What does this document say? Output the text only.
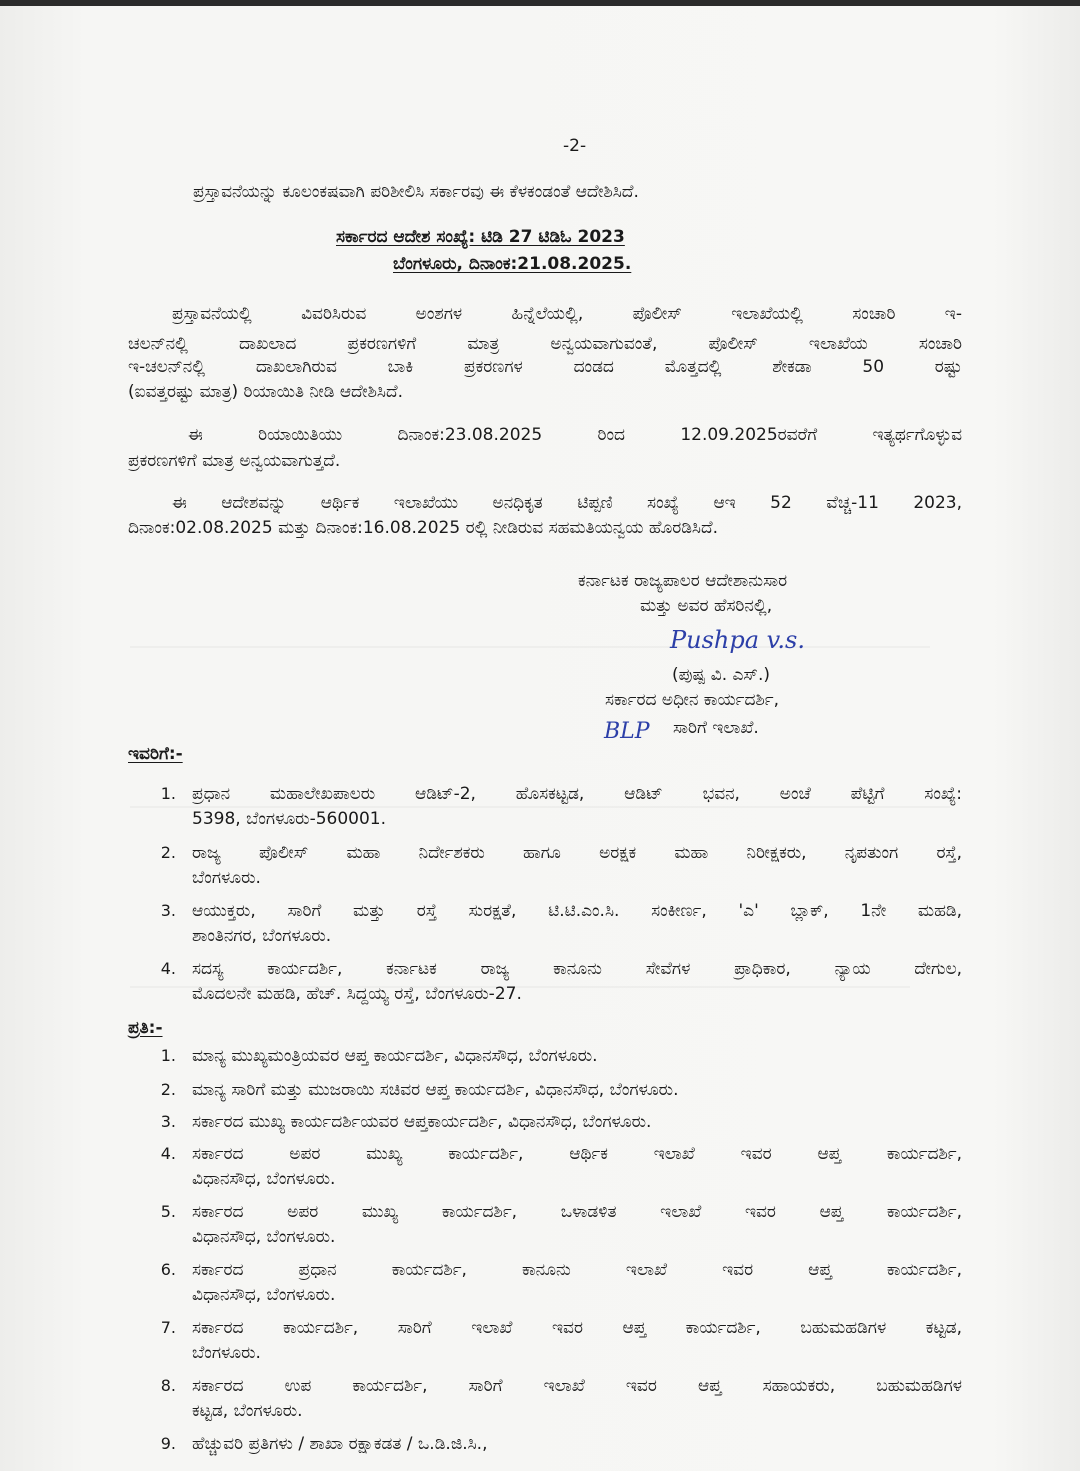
-2-
ಪ್ರಸ್ತಾವನೆಯನ್ನು ಕೂಲಂಕಷವಾಗಿ ಪರಿಶೀಲಿಸಿ ಸರ್ಕಾರವು ಈ ಕೆಳಕಂಡಂತೆ ಆದೇಶಿಸಿದೆ.
ಸರ್ಕಾರದ ಆದೇಶ ಸಂಖ್ಯೆ: ಟಿಡಿ 27 ಟಿಡಿಓ 2023
ಬೆಂಗಳೂರು, ದಿನಾಂಕ:21.08.2025.
ಪ್ರಸ್ತಾವನೆಯಲ್ಲಿ ವಿವರಿಸಿರುವ ಅಂಶಗಳ ಹಿನ್ನೆಲೆಯಲ್ಲಿ, ಪೊಲೀಸ್ ಇಲಾಖೆಯಲ್ಲಿ ಸಂಚಾರಿ ಇ-
ಚಲನ್‌ನಲ್ಲಿ ದಾಖಲಾದ ಪ್ರಕರಣಗಳಿಗೆ ಮಾತ್ರ ಅನ್ವಯವಾಗುವಂತೆ, ಪೊಲೀಸ್ ಇಲಾಖೆಯ ಸಂಚಾರಿ
ಇ-ಚಲನ್‌ನಲ್ಲಿ ದಾಖಲಾಗಿರುವ ಬಾಕಿ ಪ್ರಕರಣಗಳ ದಂಡದ ಮೊತ್ತದಲ್ಲಿ ಶೇಕಡಾ 50 ರಷ್ಟು
(ಐವತ್ತರಷ್ಟು ಮಾತ್ರ) ರಿಯಾಯಿತಿ ನೀಡಿ ಆದೇಶಿಸಿದೆ.
ಈ ರಿಯಾಯಿತಿಯು ದಿನಾಂಕ:23.08.2025 ರಿಂದ 12.09.2025ರವರೆಗೆ ಇತ್ಯರ್ಥಗೊಳ್ಳುವ
ಪ್ರಕರಣಗಳಿಗೆ ಮಾತ್ರ ಅನ್ವಯವಾಗುತ್ತದೆ.
ಈ ಆದೇಶವನ್ನು ಆರ್ಥಿಕ ಇಲಾಖೆಯು ಅನಧಿಕೃತ ಟಿಪ್ಪಣಿ ಸಂಖ್ಯೆ ಆಇ 52 ವೆಚ್ಚ-11 2023,
ದಿನಾಂಕ:02.08.2025 ಮತ್ತು ದಿನಾಂಕ:16.08.2025 ರಲ್ಲಿ ನೀಡಿರುವ ಸಹಮತಿಯನ್ವಯ ಹೊರಡಿಸಿದೆ.
ಕರ್ನಾಟಕ ರಾಜ್ಯಪಾಲರ ಆದೇಶಾನುಸಾರ
ಮತ್ತು ಅವರ ಹೆಸರಿನಲ್ಲಿ,
Pushpa v.s.
(ಪುಷ್ಪ ವಿ. ಎಸ್.)
ಸರ್ಕಾರದ ಅಧೀನ ಕಾರ್ಯದರ್ಶಿ,
BLP ಸಾರಿಗೆ ಇಲಾಖೆ.
ಇವರಿಗೆ:-
1. ಪ್ರಧಾನ ಮಹಾಲೇಖಪಾಲರು ಆಡಿಟ್-2, ಹೊಸಕಟ್ಟಡ, ಆಡಿಟ್ ಭವನ, ಅಂಚೆ ಪೆಟ್ಟಿಗೆ ಸಂಖ್ಯೆ:
5398, ಬೆಂಗಳೂರು-560001.
2. ರಾಜ್ಯ ಪೊಲೀಸ್ ಮಹಾ ನಿರ್ದೇಶಕರು ಹಾಗೂ ಅರಕ್ಷಕ ಮಹಾ ನಿರೀಕ್ಷಕರು, ನೃಪತುಂಗ ರಸ್ತೆ,
ಬೆಂಗಳೂರು.
3. ಆಯುಕ್ತರು, ಸಾರಿಗೆ ಮತ್ತು ರಸ್ತೆ ಸುರಕ್ಷತೆ, ಟಿ.ಟಿ.ಎಂ.ಸಿ. ಸಂಕೀರ್ಣ, 'ಎ' ಬ್ಲಾಕ್, 1ನೇ ಮಹಡಿ,
ಶಾಂತಿನಗರ, ಬೆಂಗಳೂರು.
4. ಸದಸ್ಯ ಕಾರ್ಯದರ್ಶಿ, ಕರ್ನಾಟಕ ರಾಜ್ಯ ಕಾನೂನು ಸೇವೆಗಳ ಪ್ರಾಧಿಕಾರ, ನ್ಯಾಯ ದೇಗುಲ,
ಮೊದಲನೇ ಮಹಡಿ, ಹೆಚ್. ಸಿದ್ದಯ್ಯ ರಸ್ತೆ, ಬೆಂಗಳೂರು-27.
ಪ್ರತಿ:-
1. ಮಾನ್ಯ ಮುಖ್ಯಮಂತ್ರಿಯವರ ಆಪ್ತ ಕಾರ್ಯದರ್ಶಿ, ವಿಧಾನಸೌಧ, ಬೆಂಗಳೂರು.
2. ಮಾನ್ಯ ಸಾರಿಗೆ ಮತ್ತು ಮುಜರಾಯಿ ಸಚಿವರ ಆಪ್ತ ಕಾರ್ಯದರ್ಶಿ, ವಿಧಾನಸೌಧ, ಬೆಂಗಳೂರು.
3. ಸರ್ಕಾರದ ಮುಖ್ಯ ಕಾರ್ಯದರ್ಶಿಯವರ ಆಪ್ತಕಾರ್ಯದರ್ಶಿ, ವಿಧಾನಸೌಧ, ಬೆಂಗಳೂರು.
4. ಸರ್ಕಾರದ ಅಪರ ಮುಖ್ಯ ಕಾರ್ಯದರ್ಶಿ, ಆರ್ಥಿಕ ಇಲಾಖೆ ಇವರ ಆಪ್ತ ಕಾರ್ಯದರ್ಶಿ,
ವಿಧಾನಸೌಧ, ಬೆಂಗಳೂರು.
5. ಸರ್ಕಾರದ ಅಪರ ಮುಖ್ಯ ಕಾರ್ಯದರ್ಶಿ, ಒಳಾಡಳಿತ ಇಲಾಖೆ ಇವರ ಆಪ್ತ ಕಾರ್ಯದರ್ಶಿ,
ವಿಧಾನಸೌಧ, ಬೆಂಗಳೂರು.
6. ಸರ್ಕಾರದ ಪ್ರಧಾನ ಕಾರ್ಯದರ್ಶಿ, ಕಾನೂನು ಇಲಾಖೆ ಇವರ ಆಪ್ತ ಕಾರ್ಯದರ್ಶಿ,
ವಿಧಾನಸೌಧ, ಬೆಂಗಳೂರು.
7. ಸರ್ಕಾರದ ಕಾರ್ಯದರ್ಶಿ, ಸಾರಿಗೆ ಇಲಾಖೆ ಇವರ ಆಪ್ತ ಕಾರ್ಯದರ್ಶಿ, ಬಹುಮಹಡಿಗಳ ಕಟ್ಟಡ,
ಬೆಂಗಳೂರು.
8. ಸರ್ಕಾರದ ಉಪ ಕಾರ್ಯದರ್ಶಿ, ಸಾರಿಗೆ ಇಲಾಖೆ ಇವರ ಆಪ್ತ ಸಹಾಯಕರು, ಬಹುಮಹಡಿಗಳ
ಕಟ್ಟಡ, ಬೆಂಗಳೂರು.
9. ಹೆಚ್ಚುವರಿ ಪ್ರತಿಗಳು / ಶಾಖಾ ರಕ್ಷಾಕಡತ / ಒ.ಡಿ.ಜಿ.ಸಿ.,
